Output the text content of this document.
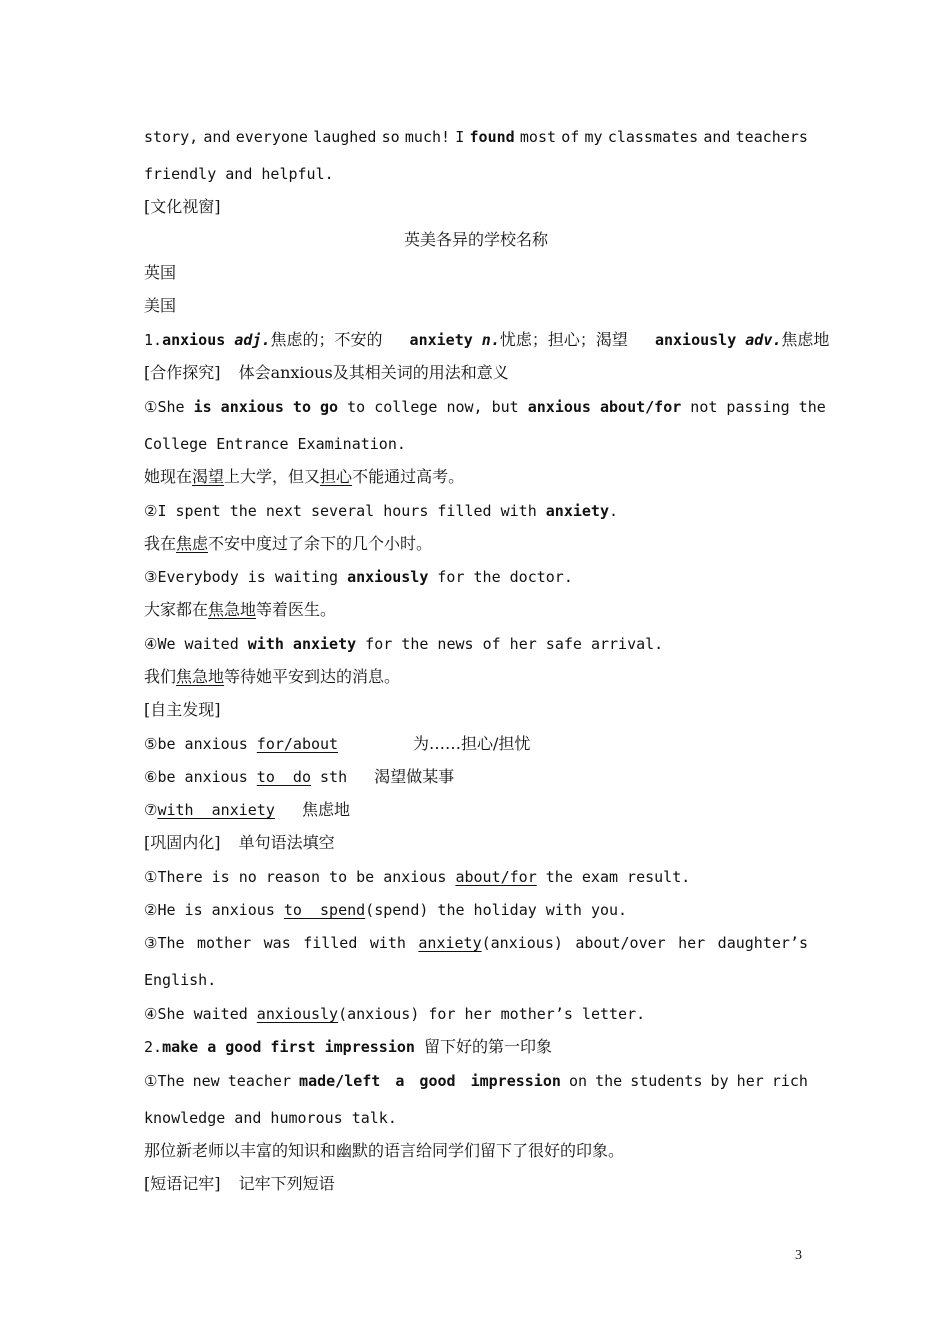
story, and everyone laughed so much! I found most of my classmates and teachers
friendly and helpful.
[文化视窗]
英美各异的学校名称
英国
美国
1.anxious adj.焦虑的；不安的 anxiety n.忧虑；担心；渴望 anxiously adv.焦虑地
[合作探究] 体会anxious及其相关词的用法和意义
①She is anxious to go to college now, but anxious about/for not passing the
College Entrance Examination.
她现在渴望上大学，但又担心不能通过高考。
②I spent the next several hours filled with anxiety.
我在焦虑不安中度过了余下的几个小时。
③Everybody is waiting anxiously for the doctor.
大家都在焦急地等着医生。
④We waited with anxiety for the news of her safe arrival.
我们焦急地等待她平安到达的消息。
[自主发现]
⑤be anxious for/about	为……担心/担忧
⑥be anxious to  do sth 渴望做某事
⑦with  anxiety 焦虑地
[巩固内化] 单句语法填空
①There is no reason to be anxious about/for the exam result.
②He is anxious to  spend(spend) the holiday with you.
③The mother was filled with anxiety(anxious) about/over her daughter’s
English.
④She waited anxiously(anxious) for her mother’s letter.
2.make a good first impression 留下好的第一印象
①The new teacher made/left a good impression on the students by her rich
knowledge and humorous talk.
那位新老师以丰富的知识和幽默的语言给同学们留下了很好的印象。
[短语记牢] 记牢下列短语
3
